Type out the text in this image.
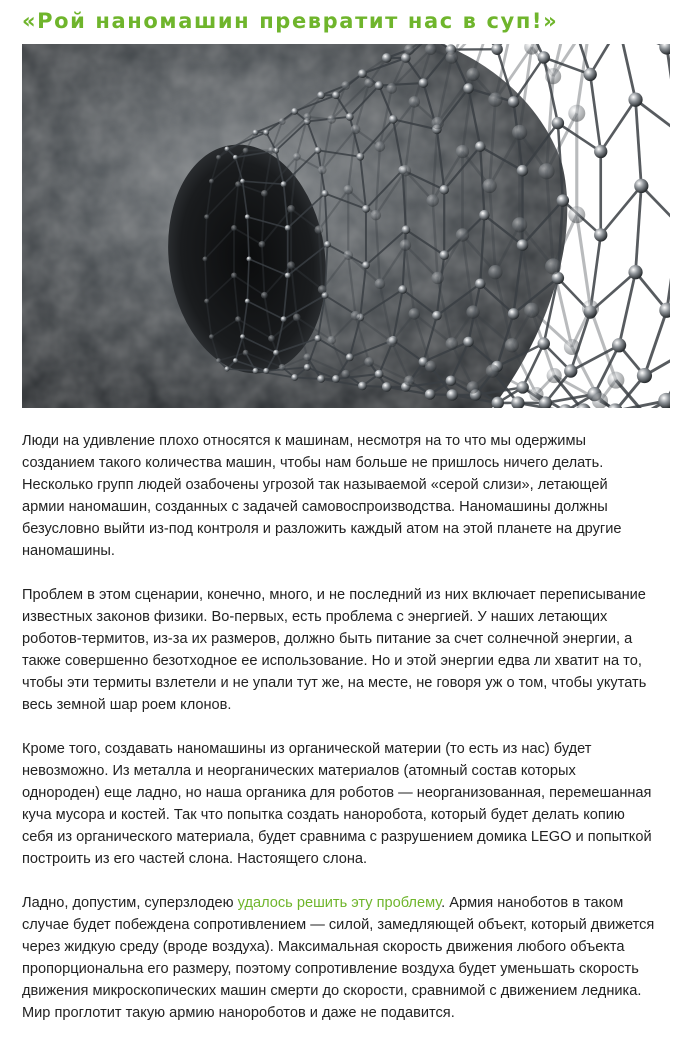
«Рой наномашин превратит нас в суп!»

Люди на удивление плохо относятся к машинам, несмотря на то что мы одержимы
созданием такого количества машин, чтобы нам больше не пришлось ничего делать.
Несколько групп людей озабочены угрозой так называемой «серой слизи», летающей
армии наномашин, созданных с задачей самовоспроизводства. Наномашины должны
безусловно выйти из-под контроля и разложить каждый атом на этой планете на другие
наномашины.

Проблем в этом сценарии, конечно, много, и не последний из них включает переписывание
известных законов физики. Во-первых, есть проблема с энергией. У наших летающих
роботов-термитов, из-за их размеров, должно быть питание за счет солнечной энергии, а
также совершенно безотходное ее использование. Но и этой энергии едва ли хватит на то,
чтобы эти термиты взлетели и не упали тут же, на месте, не говоря уж о том, чтобы укутать
весь земной шар роем клонов.

Кроме того, создавать наномашины из органической материи (то есть из нас) будет
невозможно. Из металла и неорганических материалов (атомный состав которых
однороден) еще ладно, но наша органика для роботов — неорганизованная, перемешанная
куча мусора и костей. Так что попытка создать наноробота, который будет делать копию
себя из органического материала, будет сравнима с разрушением домика LEGO и попыткой
построить из его частей слона. Настоящего слона.

Ладно, допустим, суперзлодею удалось решить эту проблему. Армия наноботов в таком
случае будет побеждена сопротивлением — силой, замедляющей объект, который движется
через жидкую среду (вроде воздуха). Максимальная скорость движения любого объекта
пропорциональна его размеру, поэтому сопротивление воздуха будет уменьшать скорость
движения микроскопических машин смерти до скорости, сравнимой с движением ледника.
Мир проглотит такую армию нанороботов и даже не подавится.
